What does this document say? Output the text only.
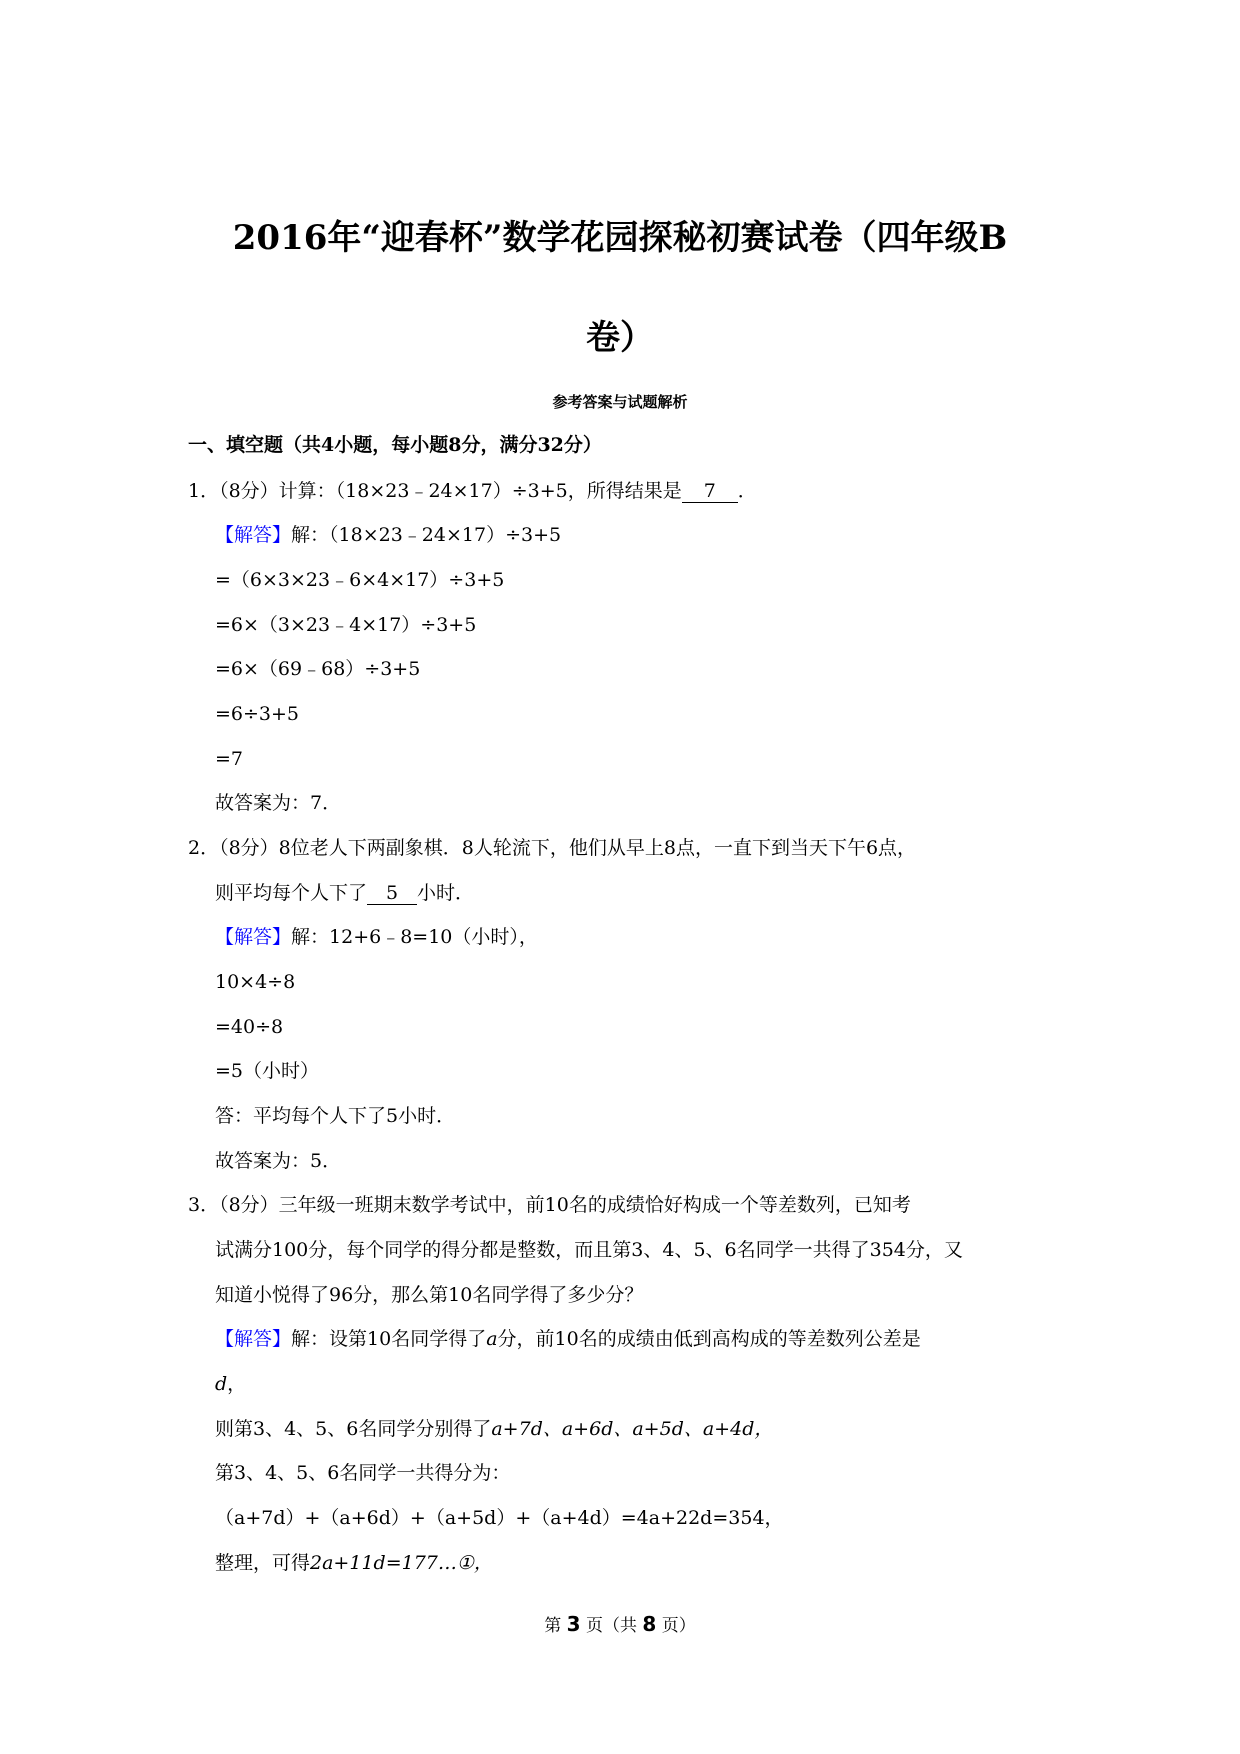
2016年“迎春杯”数学花园探秘初赛试卷（四年级B
卷）
参考答案与试题解析
一、填空题（共4小题，每小题8分，满分32分）
1．（8分）计算：（18×23﹣24×17）÷3+5，所得结果是 7 ．
【解答】解：（18×23﹣24×17）÷3+5
=（6×3×23﹣6×4×17）÷3+5
=6×（3×23﹣4×17）÷3+5
=6×（69﹣68）÷3+5
=6÷3+5
=7
故答案为：7．
2．（8分）8位老人下两副象棋．8人轮流下，他们从早上8点，一直下到当天下午6点，
则平均每个人下了 5 小时．
【解答】解：12+6﹣8=10（小时），
10×4÷8
=40÷8
=5（小时）
答：平均每个人下了5小时．
故答案为：5．
3．（8分）三年级一班期末数学考试中，前10名的成绩恰好构成一个等差数列，已知考
试满分100分，每个同学的得分都是整数，而且第3、4、5、6名同学一共得了354分，又
知道小悦得了96分，那么第10名同学得了多少分？
【解答】解：设第10名同学得了a分，前10名的成绩由低到高构成的等差数列公差是
d，
则第3、4、5、6名同学分别得了a+7d、a+6d、a+5d、a+4d，
第3、4、5、6名同学一共得分为：
（a+7d）+（a+6d）+（a+5d）+（a+4d）=4a+22d=354，
整理，可得2a+11d=177…①，
第 3 页（共 8 页）
